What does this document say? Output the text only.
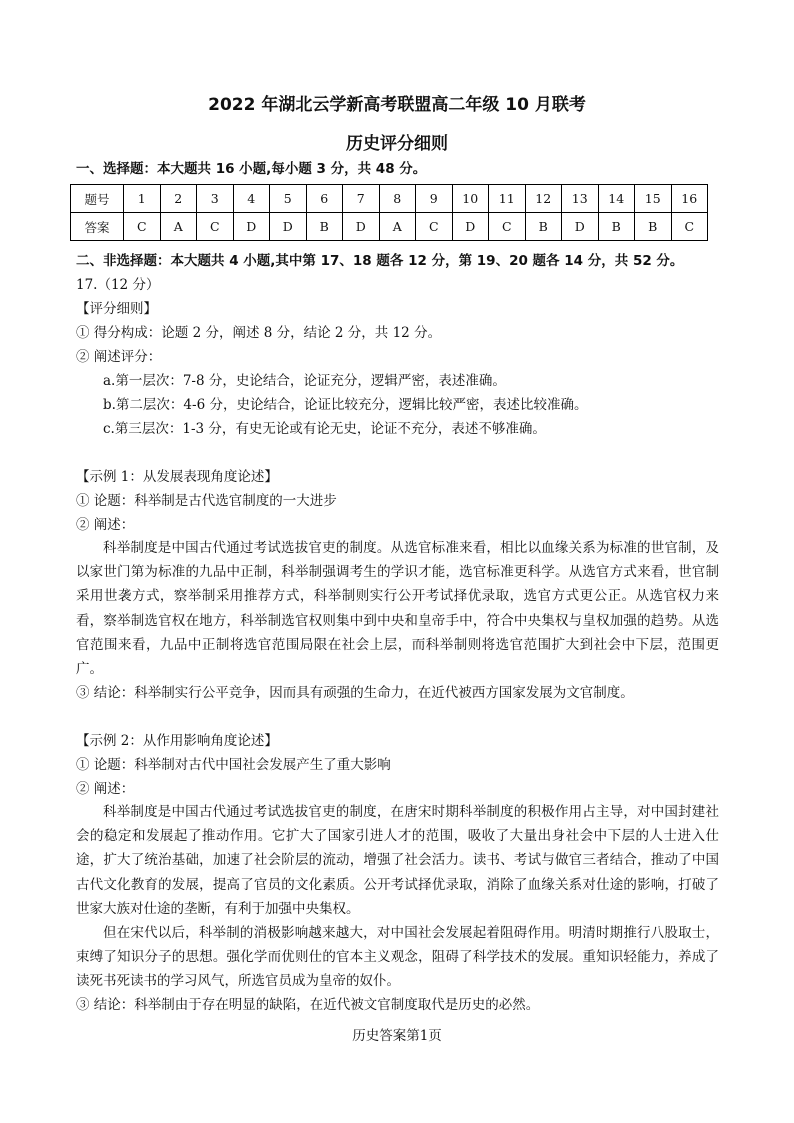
2022 年湖北云学新高考联盟高二年级 10 月联考
历史评分细则
一、选择题：本大题共 16 小题,每小题 3 分，共 48 分。
题号	1	2	3	4	5	6	7	8	9	10	11	12	13	14	15	16
答案	C	A	C	D	D	B	D	A	C	D	C	B	D	B	B	C
二、非选择题：本大题共 4 小题,其中第 17、18 题各 12 分，第 19、20 题各 14 分，共 52 分。
17.（12 分）
【评分细则】
① 得分构成：论题 2 分，阐述 8 分，结论 2 分，共 12 分。
② 阐述评分：
a.第一层次：7-8 分，史论结合，论证充分，逻辑严密，表述准确。
b.第二层次：4-6 分，史论结合，论证比较充分，逻辑比较严密，表述比较准确。
c.第三层次：1-3 分，有史无论或有论无史，论证不充分，表述不够准确。
【示例 1：从发展表现角度论述】
① 论题：科举制是古代选官制度的一大进步
② 阐述：
科举制度是中国古代通过考试选拔官吏的制度。从选官标准来看，相比以血缘关系为标准的世官制，及以家世门第为标准的九品中正制，科举制强调考生的学识才能，选官标准更科学。从选官方式来看，世官制采用世袭方式，察举制采用推荐方式，科举制则实行公开考试择优录取，选官方式更公正。从选官权力来看，察举制选官权在地方，科举制选官权则集中到中央和皇帝手中，符合中央集权与皇权加强的趋势。从选官范围来看，九品中正制将选官范围局限在社会上层，而科举制则将选官范围扩大到社会中下层，范围更广。
③ 结论：科举制实行公平竞争，因而具有顽强的生命力，在近代被西方国家发展为文官制度。
【示例 2：从作用影响角度论述】
① 论题：科举制对古代中国社会发展产生了重大影响
② 阐述：
科举制度是中国古代通过考试选拔官吏的制度，在唐宋时期科举制度的积极作用占主导，对中国封建社会的稳定和发展起了推动作用。它扩大了国家引进人才的范围，吸收了大量出身社会中下层的人士进入仕途，扩大了统治基础，加速了社会阶层的流动，增强了社会活力。读书、考试与做官三者结合，推动了中国古代文化教育的发展，提高了官员的文化素质。公开考试择优录取，消除了血缘关系对仕途的影响，打破了世家大族对仕途的垄断，有利于加强中央集权。
但在宋代以后，科举制的消极影响越来越大，对中国社会发展起着阻碍作用。明清时期推行八股取士，束缚了知识分子的思想。强化学而优则仕的官本主义观念，阻碍了科学技术的发展。重知识轻能力，养成了读死书死读书的学习风气，所选官员成为皇帝的奴仆。
③ 结论：科举制由于存在明显的缺陷，在近代被文官制度取代是历史的必然。
历史答案第1页
